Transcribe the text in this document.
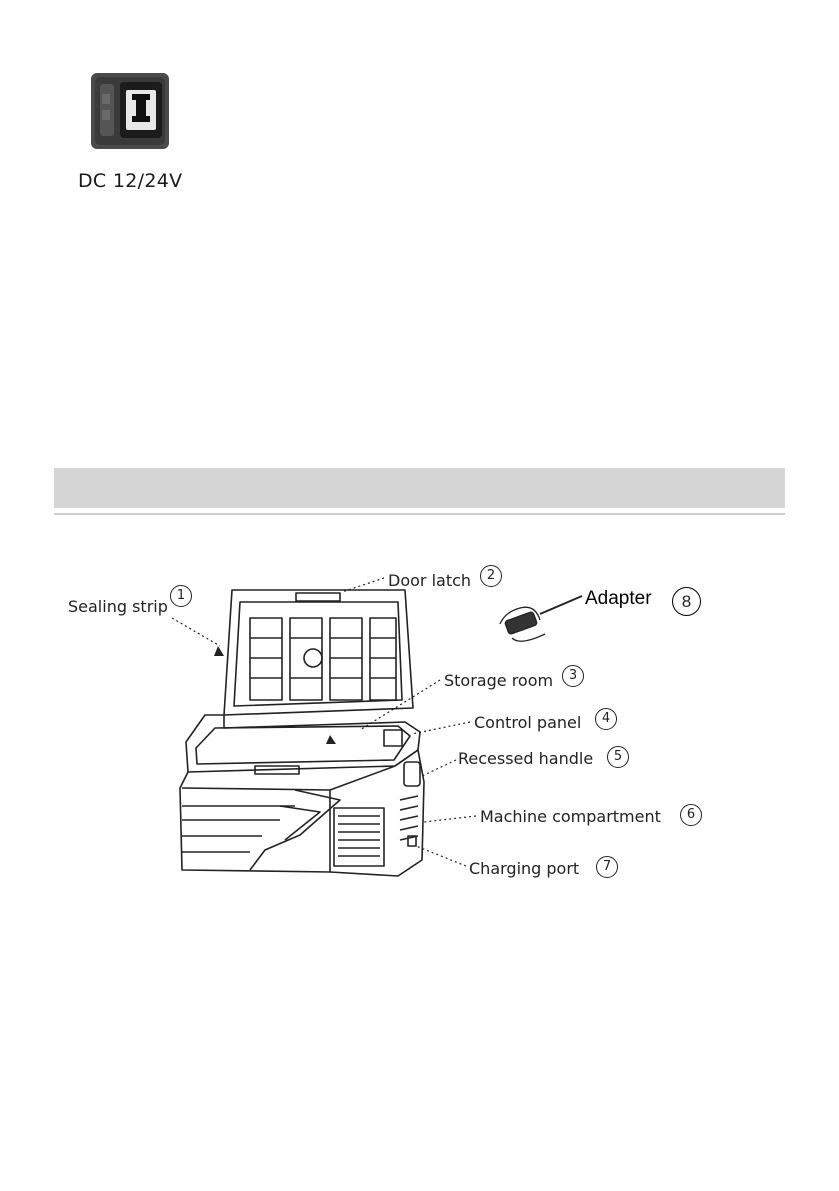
DC 12/24V
Sealing strip
1
Door latch	2
Storage room	3
Control panel	4
Recessed handle	5
Machine compartment	6
Charging port	7
Adapter	8
